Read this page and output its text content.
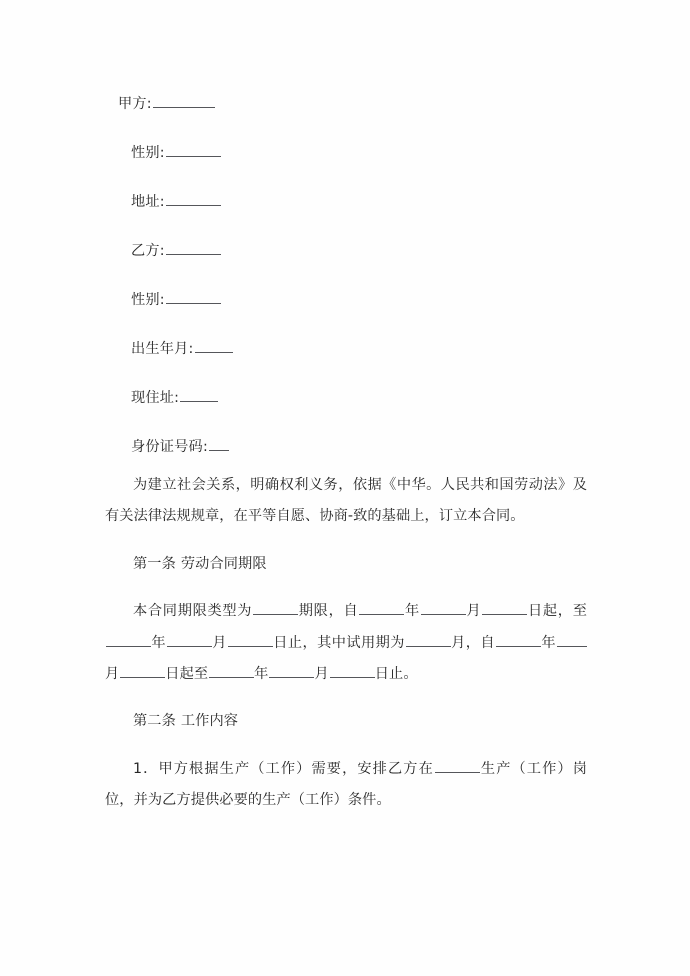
甲方:
性别:
地址:
乙方:
性别:
出生年月:
现住址:
身份证号码:

为建立社会关系，明确权利义务，依据《中华。人民共和国劳动法》及有关法律法规规章，在平等自愿、协商-致的基础上，订立本合同。

第一条 劳动合同期限

本合同期限类型为	期限，自	年	月	日起，至年	月	日止，其中试用期为	月，自	年月	日起至	年	月	日止。

第二条 工作内容

1．甲方根据生产（工作）需要，安排乙方在	生产（工作）岗位，并为乙方提供必要的生产（工作）条件。
